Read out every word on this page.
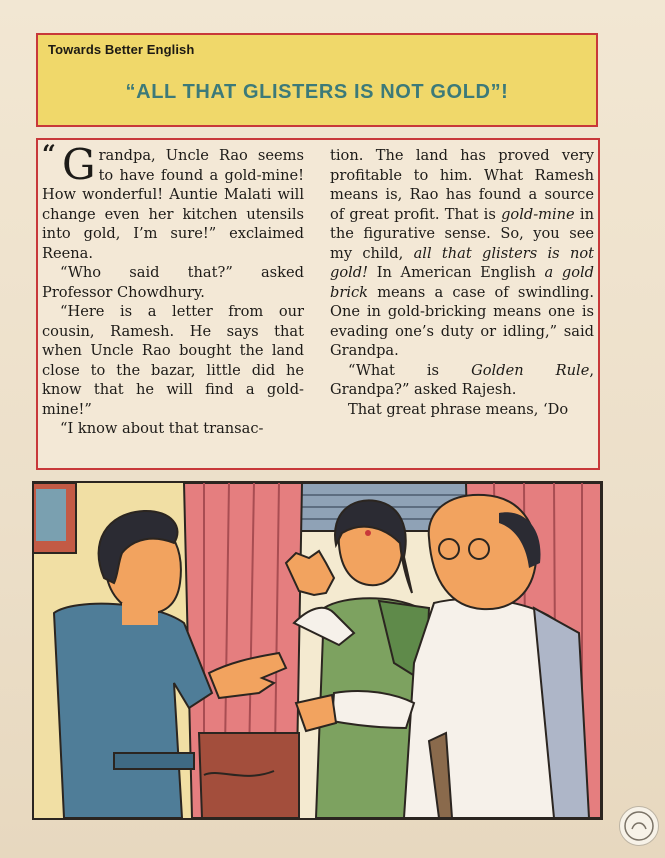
Towards Better English
“ALL THAT GLISTERS IS NOT GOLD”!

“ G randpa, Uncle Rao seems to have found a gold-mine! How wonderful! Auntie Malati will change even her kitchen utensils into gold, I’m sure!” exclaimed Reena.

“Who said that?” asked Professor Chowdhury.

“Here is a letter from our cousin, Ramesh. He says that when Uncle Rao bought the land close to the bazar, little did he know that he will find a gold-mine!”

“I know about that transac-

tion. The land has proved very profitable to him. What Ramesh means is, Rao has found a source of great profit. That is gold-mine in the figurative sense. So, you see my child, all that glisters is not gold! In American English a gold brick means a case of swindling. One in gold-bricking means one is evading one’s duty or idling,” said Grandpa.

“What is Golden Rule, Grandpa?” asked Rajesh.

That great phrase means, ‘Do
